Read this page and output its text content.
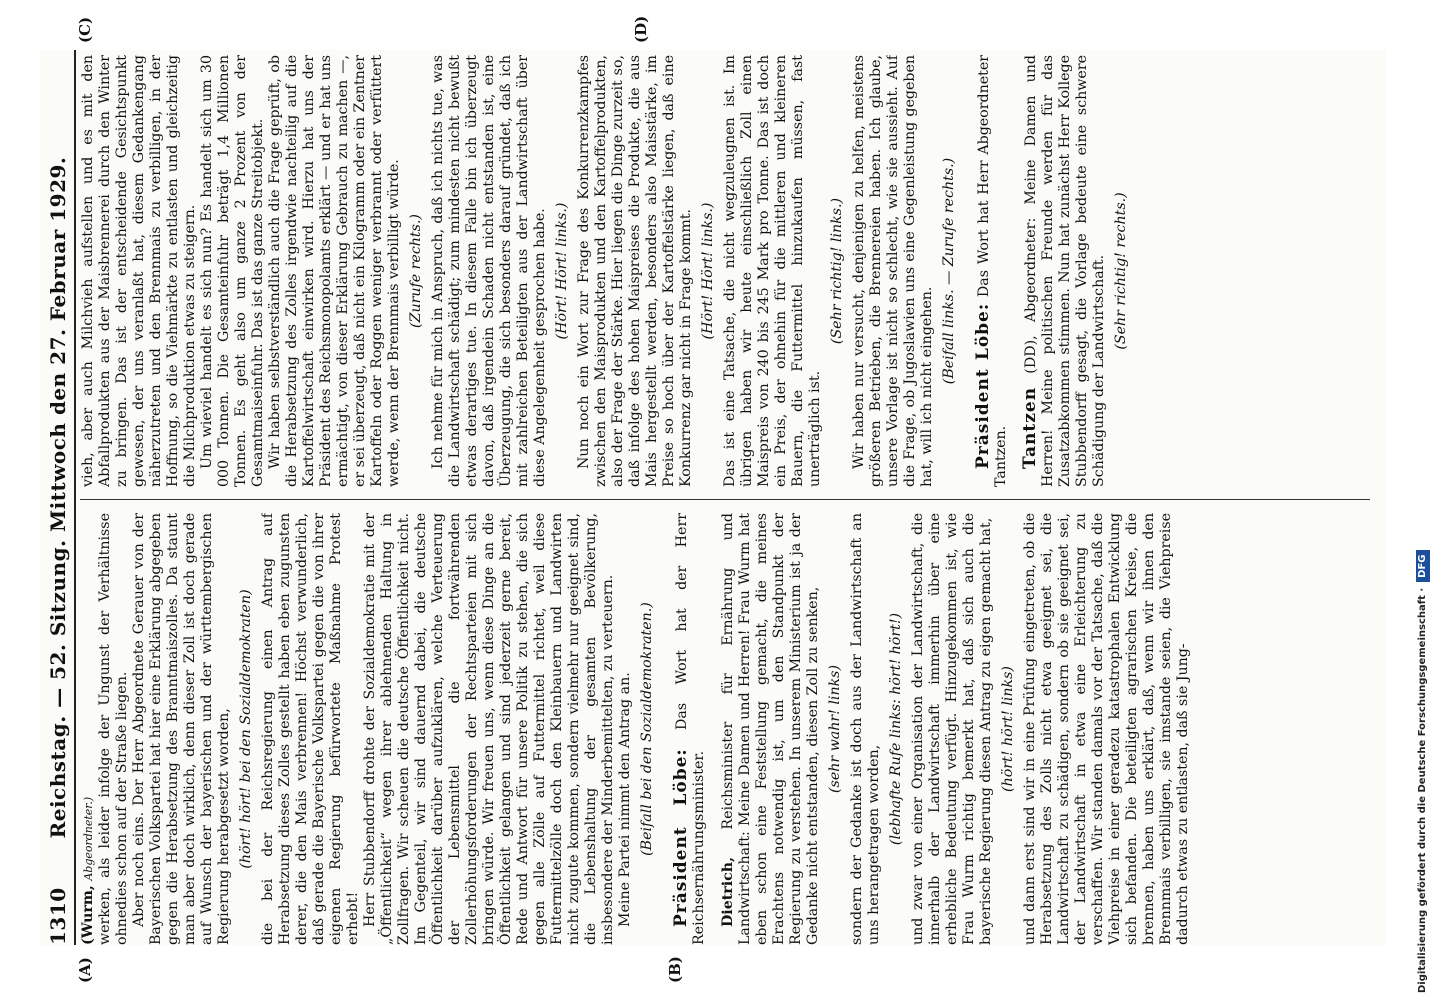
1310
Reichstag. — 52. Sitzung. Mittwoch den 27. Februar 1929.
(A)	(B)
(C)	(D)

(Wurm, Abgeordneter.) werken, als leider infolge der Ungunst der Verhältnisse ohnedies schon auf der Straße liegen. Aber noch eins. Der Herr Abgeordnete Gerauer von der Bayerischen Volkspartei hat hier eine Erklärung abgegeben gegen die Herabsetzung des Branntmaiszolles. Da staunt man aber doch wirklich, denn dieser Zoll ist doch gerade auf Wunsch der bayerischen und der württembergischen Regierung herabgesetzt worden, (hört! hört! bei den Sozialdemokraten) die bei der Reichsregierung einen Antrag auf Herabsetzung dieses Zolles gestellt haben eben zugunsten derer, die den Mais verbrennen! Höchst verwunderlich, daß gerade die Bayerische Volkspartei gegen die von ihrer eigenen Regierung befürwortete Maßnahme Protest erhebt! Herr Stubbendorff drohte der Sozialdemokratie mit der „Öffentlichkeit“ wegen ihrer ablehnenden Haltung in Zollfragen. Wir scheuen die deutsche Öffentlichkeit nicht. Im Gegenteil, wir sind dauernd dabei, die deutsche Öffentlichkeit darüber aufzuklären, welche Verteuerung der Lebensmittel die fortwährenden Zollerhöhungsforderungen der Rechtsparteien mit sich bringen würde. Wir freuen uns, wenn diese Dinge an die Öffentlichkeit gelangen und sind jederzeit gerne bereit, Rede und Antwort für unsere Politik zu stehen, die sich gegen alle Zölle auf Futtermittel richtet, weil diese Futtermittelzölle doch den Kleinbauern und Landwirten nicht zugute kommen, sondern vielmehr nur geeignet sind, die Lebenshaltung der gesamten Bevölkerung, insbesondere der Minderbemittelten, zu verteuern. Meine Partei nimmt den Antrag an. (Beifall bei den Sozialdemokraten.) Präsident Löbe: Das Wort hat der Herr Reichsernährungsminister. Dietrich, Reichsminister für Ernährung und Landwirtschaft: Meine Damen und Herren! Frau Wurm hat eben schon eine Feststellung gemacht, die meines Erachtens notwendig ist, um den Standpunkt der Regierung zu verstehen. In unserem Ministerium ist ja der Gedanke nicht entstanden, diesen Zoll zu senken, (sehr wahr! links) sondern der Gedanke ist doch aus der Landwirtschaft an uns herangetragen worden, (lebhafte Rufe links: hört! hört!) und zwar von einer Organisation der Landwirtschaft, die innerhalb der Landwirtschaft immerhin über eine erhebliche Bedeutung verfügt. Hinzugekommen ist, wie Frau Wurm richtig bemerkt hat, daß sich auch die bayerische Regierung diesen Antrag zu eigen gemacht hat, (hört! hört! links) und dann erst sind wir in eine Prüfung eingetreten, ob die Herabsetzung des Zolls nicht etwa geeignet sei, die Landwirtschaft zu schädigen, sondern ob sie geeignet sei, der Landwirtschaft in etwa eine Erleichterung zu verschaffen. Wir standen damals vor der Tatsache, daß die Viehpreise in einer geradezu katastrophalen Entwicklung sich befanden. Die beteiligten agrarischen Kreise, die brennen, haben uns erklärt, daß, wenn wir ihnen den Brennmais verbilligen, sie imstande seien, die Viehpreise dadurch etwas zu entlasten, daß sie Jung-

vieh, aber auch Milchvieh aufstellen und es mit den Abfallprodukten aus der Maisbrennerei durch den Winter zu bringen. Das ist der entscheidende Gesichtspunkt gewesen, der uns veranlaßt hat, diesem Gedankengang näherzutreten und den Brennmais zu verbilligen, in der Hoffnung, so die Viehmärkte zu entlasten und gleichzeitig die Milchproduktion etwas zu steigern. Um wieviel handelt es sich nun? Es handelt sich um 30 000 Tonnen. Die Gesamteinfuhr beträgt 1,4 Millionen Tonnen. Es geht also um ganze 2 Prozent von der Gesamtmaiseinfuhr. Das ist das ganze Streitobjekt. Wir haben selbstverständlich auch die Frage geprüft, ob die Herabsetzung des Zolles irgendwie nachteilig auf die Kartoffelwirtschaft einwirken wird. Hierzu hat uns der Präsident des Reichsmonopolamts erklärt — und er hat uns ermächtigt, von dieser Erklärung Gebrauch zu machen —, er sei überzeugt, daß nicht ein Kilogramm oder ein Zentner Kartoffeln oder Roggen weniger verbrannt oder verfüttert werde, wenn der Brennmais verbilligt würde. (Zurufe rechts.) Ich nehme für mich in Anspruch, daß ich nichts tue, was die Landwirtschaft schädigt; zum mindesten nicht bewußt etwas derartiges tue. In diesem Falle bin ich überzeugt davon, daß irgendein Schaden nicht entstanden ist, eine Überzeugung, die sich besonders darauf gründet, daß ich mit zahlreichen Beteiligten aus der Landwirtschaft über diese Angelegenheit gesprochen habe. (Hört! Hört! links.) Nun noch ein Wort zur Frage des Konkurrenzkampfes zwischen den Maisprodukten und den Kartoffelprodukten, also der Frage der Stärke. Hier liegen die Dinge zurzeit so, daß infolge des hohen Maispreises die Produkte, die aus Mais hergestellt werden, besonders also Maisstärke, im Preise so hoch über der Kartoffelstärke liegen, daß eine Konkurrenz gar nicht in Frage kommt. (Hört! Hört! links.) Das ist eine Tatsache, die nicht wegzuleugnen ist. Im übrigen haben wir heute einschließlich Zoll einen Maispreis von 240 bis 245 Mark pro Tonne. Das ist doch ein Preis, der ohnehin für die mittleren und kleineren Bauern, die Futtermittel hinzukaufen müssen, fast unerträglich ist.

(Sehr richtig! links.) Wir haben nur versucht, denjenigen zu helfen, meistens größeren Betrieben, die Brennereien haben. Ich glaube, unsere Vorlage ist nicht so schlecht, wie sie aussieht. Auf die Frage, ob Jugoslawien uns eine Gegenleistung gegeben hat, will ich nicht eingehen.

(Beifall links. — Zurufe rechts.)

Präsident Löbe: Das Wort hat Herr Abgeordneter Tantzen. Tantzen (DD), Abgeordneter: Meine Damen und Herren! Meine politischen Freunde werden für das Zusatzabkommen stimmen. Nun hat zunächst Herr Kollege Stubbendorff gesagt, die Vorlage bedeute eine schwere Schädigung der Landwirtschaft. (Sehr richtig! rechts.)

Digitalisierung gefördert durch die Deutsche Forschungsgemeinschaft ·DFG
